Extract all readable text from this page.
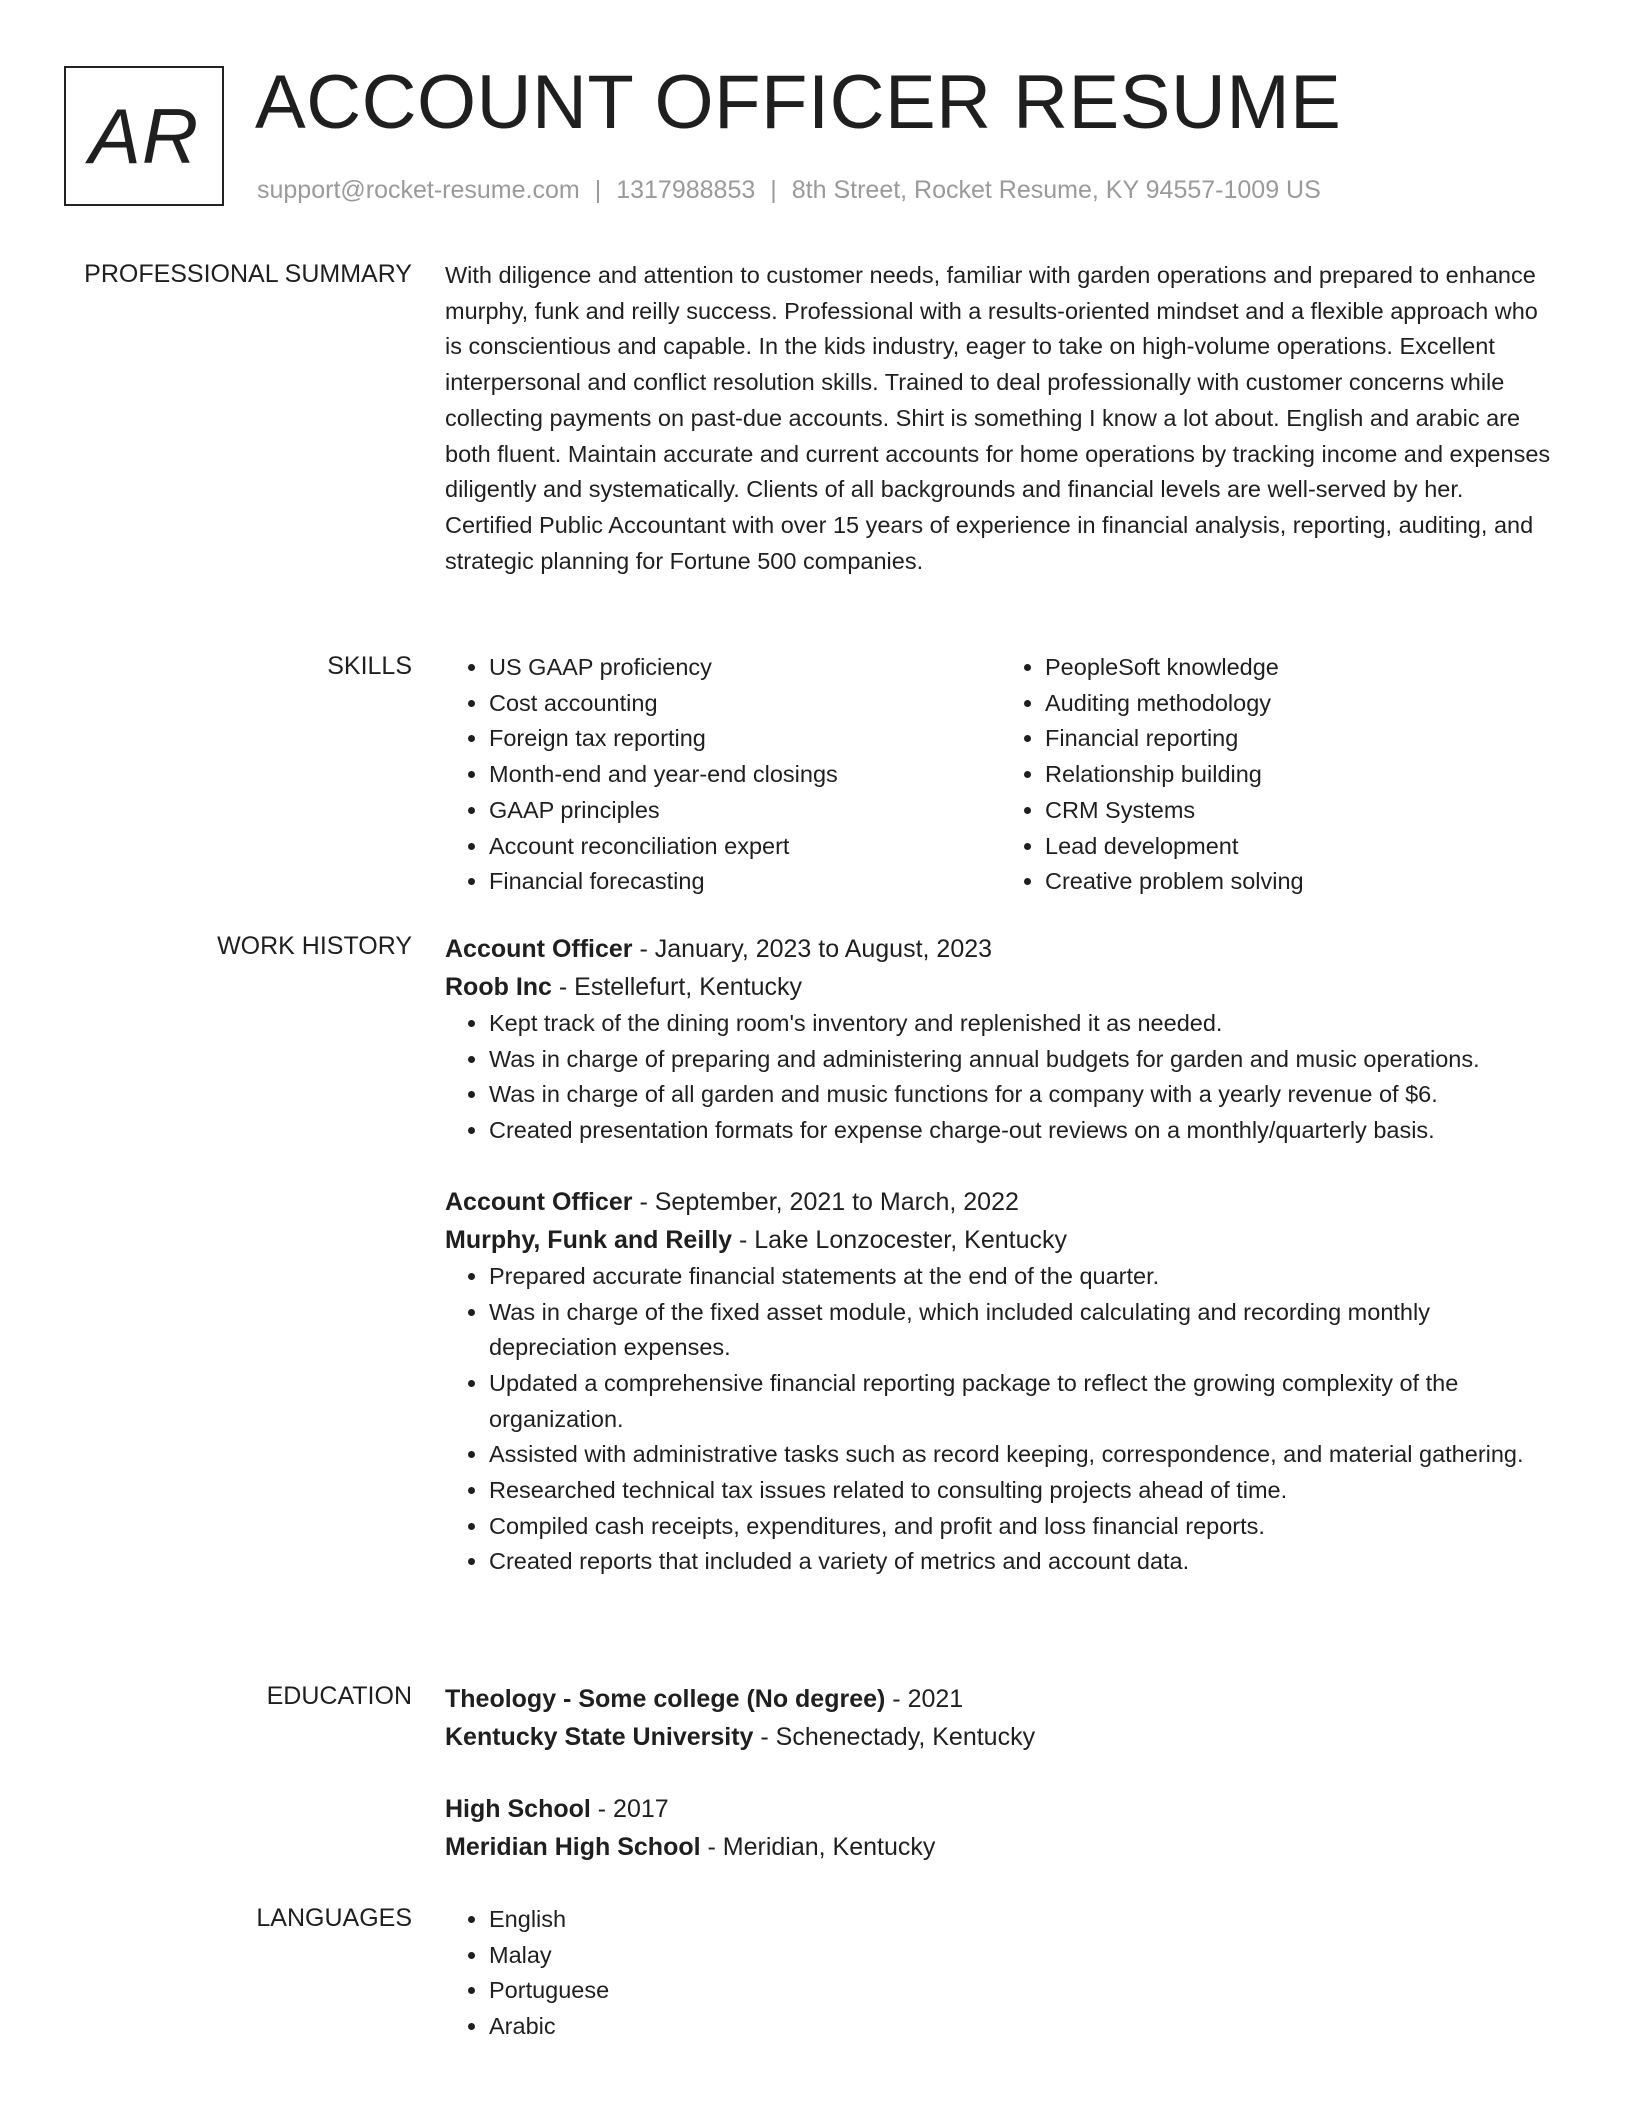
AR ACCOUNT OFFICER RESUME
support@rocket-resume.com | 1317988853 | 8th Street, Rocket Resume, KY 94557-1009 US
PROFESSIONAL SUMMARY With diligence and attention to customer needs, familiar with garden operations and prepared to enhance murphy, funk and reilly success. Professional with a results-oriented mindset and a flexible approach who is conscientious and capable. In the kids industry, eager to take on high-volume operations. Excellent interpersonal and conflict resolution skills. Trained to deal professionally with customer concerns while collecting payments on past-due accounts. Shirt is something I know a lot about. English and arabic are both fluent. Maintain accurate and current accounts for home operations by tracking income and expenses diligently and systematically. Clients of all backgrounds and financial levels are well-served by her. Certified Public Accountant with over 15 years of experience in financial analysis, reporting, auditing, and strategic planning for Fortune 500 companies.

SKILLS	• US GAAP proficiency
• Cost accounting
• Foreign tax reporting
• Month-end and year-end closings
• GAAP principles
• Account reconciliation expert
• Financial forecasting
• PeopleSoft knowledge
• Auditing methodology
• Financial reporting
• Relationship building
• CRM Systems
• Lead development
• Creative problem solving
WORK HISTORY Account Officer - January, 2023 to August, 2023
Roob Inc - Estellefurt, Kentucky
• Kept track of the dining room's inventory and replenished it as needed.
• Was in charge of preparing and administering annual budgets for garden and music operations.
• Was in charge of all garden and music functions for a company with a yearly revenue of $6.
• Created presentation formats for expense charge-out reviews on a monthly/quarterly basis.
Account Officer - September, 2021 to March, 2022
Murphy, Funk and Reilly - Lake Lonzocester, Kentucky
• Prepared accurate financial statements at the end of the quarter.
• Was in charge of the fixed asset module, which included calculating and recording monthly depreciation expenses.
• Updated a comprehensive financial reporting package to reflect the growing complexity of the organization.
• Assisted with administrative tasks such as record keeping, correspondence, and material gathering.
• Researched technical tax issues related to consulting projects ahead of time.
• Compiled cash receipts, expenditures, and profit and loss financial reports.
• Created reports that included a variety of metrics and account data.
EDUCATION Theology - Some college (No degree) - 2021
Kentucky State University - Schenectady, Kentucky
High School - 2017
Meridian High School - Meridian, Kentucky
LANGUAGES	• English
• Malay
• Portuguese
• Arabic
